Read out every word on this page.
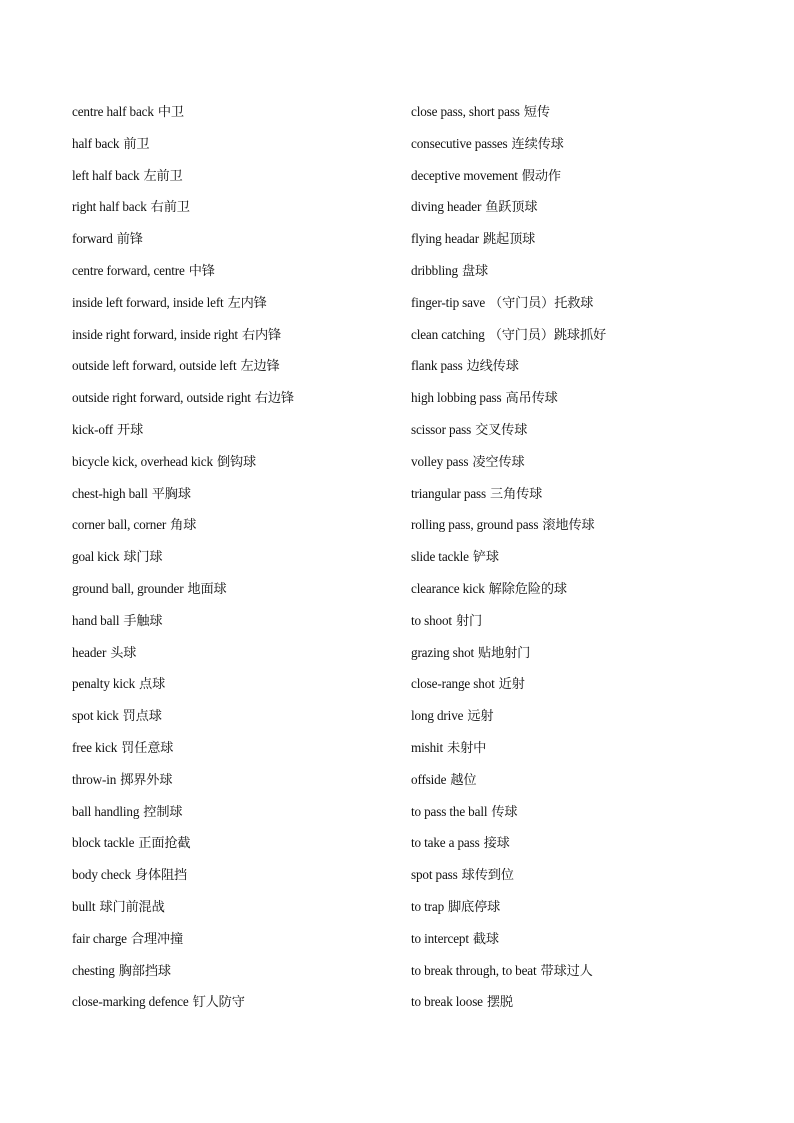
centre half back 中卫
half back 前卫
left half back 左前卫
right half back 右前卫
forward 前锋
centre forward, centre 中锋
inside left forward, inside left 左内锋
inside right forward, inside right 右内锋
outside left forward, outside left 左边锋
outside right forward, outside right 右边锋
kick-off 开球
bicycle kick, overhead kick 倒钩球
chest-high ball 平胸球
corner ball, corner 角球
goal kick 球门球
ground ball, grounder 地面球
hand ball 手触球
header 头球
penalty kick 点球
spot kick 罚点球
free kick 罚任意球
throw-in 掷界外球
ball handling 控制球
block tackle 正面抢截
body check 身体阻挡
bullt 球门前混战
fair charge 合理冲撞
chesting 胸部挡球
close-marking defence 钉人防守
close pass, short pass 短传
consecutive passes 连续传球
deceptive movement 假动作
diving header 鱼跃顶球
flying headar 跳起顶球
dribbling 盘球
finger-tip save （守门员）托救球
clean catching （守门员）跳球抓好
flank pass 边线传球
high lobbing pass 高吊传球
scissor pass 交叉传球
volley pass 凌空传球
triangular pass 三角传球
rolling pass, ground pass 滚地传球
slide tackle 铲球
clearance kick 解除危险的球
to shoot 射门
grazing shot 贴地射门
close-range shot 近射
long drive 远射
mishit 未射中
offside 越位
to pass the ball 传球
to take a pass 接球
spot pass 球传到位
to trap 脚底停球
to intercept 截球
to break through, to beat 带球过人
to break loose 摆脱
